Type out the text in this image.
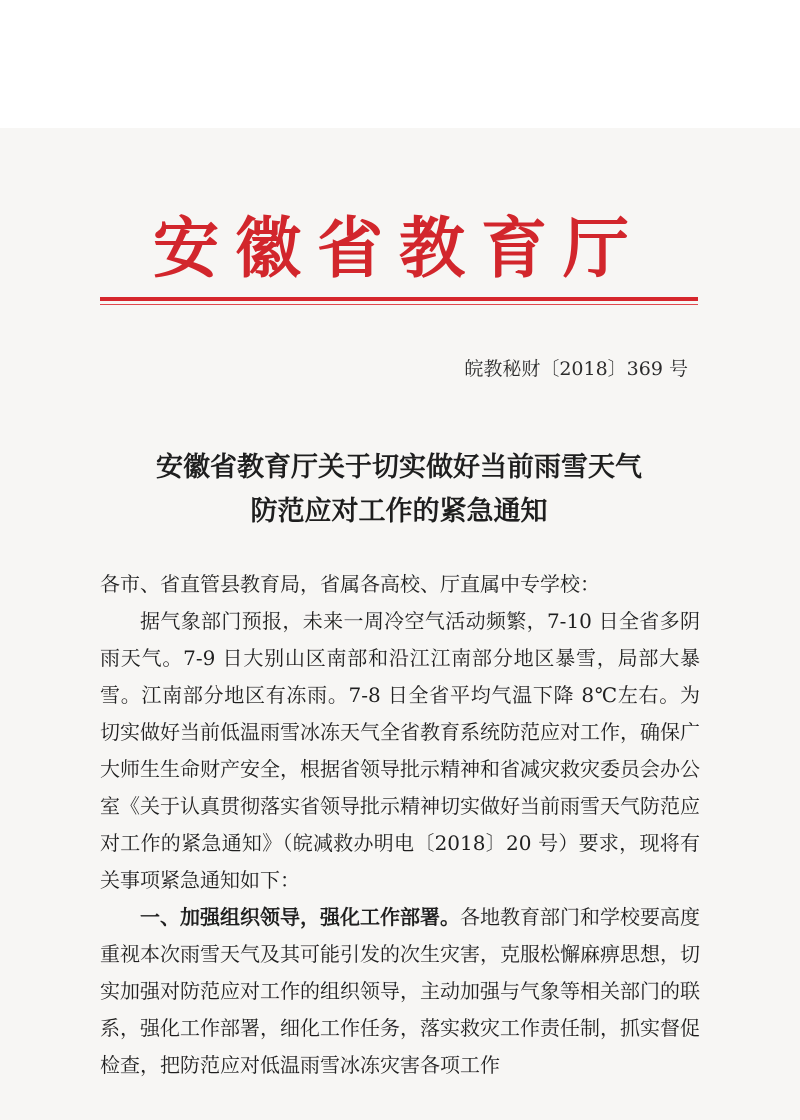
安徽省教育厅
皖教秘财〔2018〕369 号
安徽省教育厅关于切实做好当前雨雪天气
防范应对工作的紧急通知

各市、省直管县教育局，省属各高校、厅直属中专学校：

据气象部门预报，未来一周冷空气活动频繁，7-10 日全省多阴雨天气。7-9 日大别山区南部和沿江江南部分地区暴雪，局部大暴雪。江南部分地区有冻雨。7-8 日全省平均气温下降 8℃左右。为切实做好当前低温雨雪冰冻天气全省教育系统防范应对工作，确保广大师生生命财产安全，根据省领导批示精神和省减灾救灾委员会办公室《关于认真贯彻落实省领导批示精神切实做好当前雨雪天气防范应对工作的紧急通知》（皖减救办明电〔2018〕20 号）要求，现将有关事项紧急通知如下：

一、加强组织领导，强化工作部署。各地教育部门和学校要高度重视本次雨雪天气及其可能引发的次生灾害，克服松懈麻痹思想，切实加强对防范应对工作的组织领导，主动加强与气象等相关部门的联系，强化工作部署，细化工作任务，落实救灾工作责任制，抓实督促检查，把防范应对低温雨雪冰冻灾害各项工作
